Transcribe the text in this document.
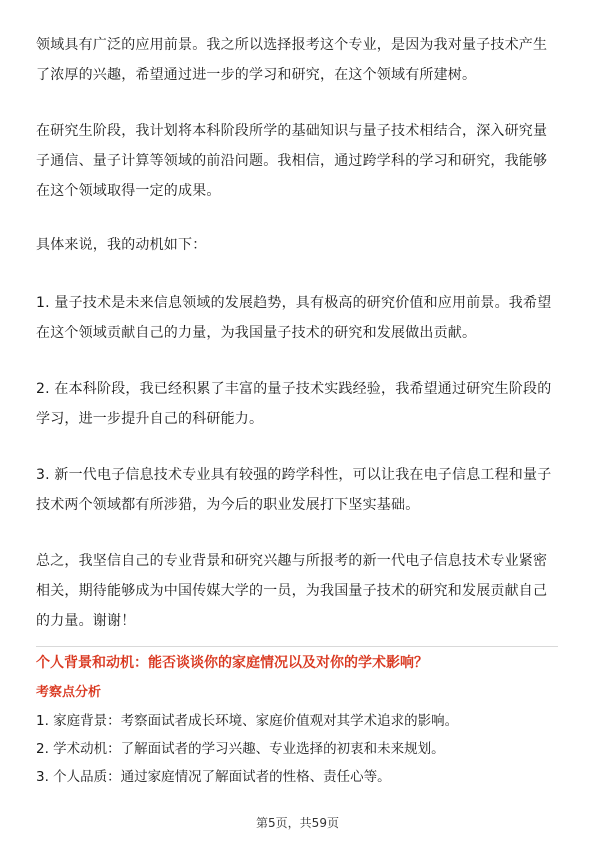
领域具有广泛的应用前景。我之所以选择报考这个专业，是因为我对量子技术产生
了浓厚的兴趣，希望通过进一步的学习和研究，在这个领域有所建树。
在研究生阶段，我计划将本科阶段所学的基础知识与量子技术相结合，深入研究量
子通信、量子计算等领域的前沿问题。我相信，通过跨学科的学习和研究，我能够
在这个领域取得一定的成果。
具体来说，我的动机如下：
1. 量子技术是未来信息领域的发展趋势，具有极高的研究价值和应用前景。我希望
在这个领域贡献自己的力量，为我国量子技术的研究和发展做出贡献。
2. 在本科阶段，我已经积累了丰富的量子技术实践经验，我希望通过研究生阶段的
学习，进一步提升自己的科研能力。
3. 新一代电子信息技术专业具有较强的跨学科性，可以让我在电子信息工程和量子
技术两个领域都有所涉猎，为今后的职业发展打下坚实基础。
总之，我坚信自己的专业背景和研究兴趣与所报考的新一代电子信息技术专业紧密
相关，期待能够成为中国传媒大学的一员，为我国量子技术的研究和发展贡献自己
的力量。谢谢！

个人背景和动机：能否谈谈你的家庭情况以及对你的学术影响？

考察点分析

1. 家庭背景：考察面试者成长环境、家庭价值观对其学术追求的影响。

2. 学术动机：了解面试者的学习兴趣、专业选择的初衷和未来规划。

3. 个人品质：通过家庭情况了解面试者的性格、责任心等。

第5页，共59页
